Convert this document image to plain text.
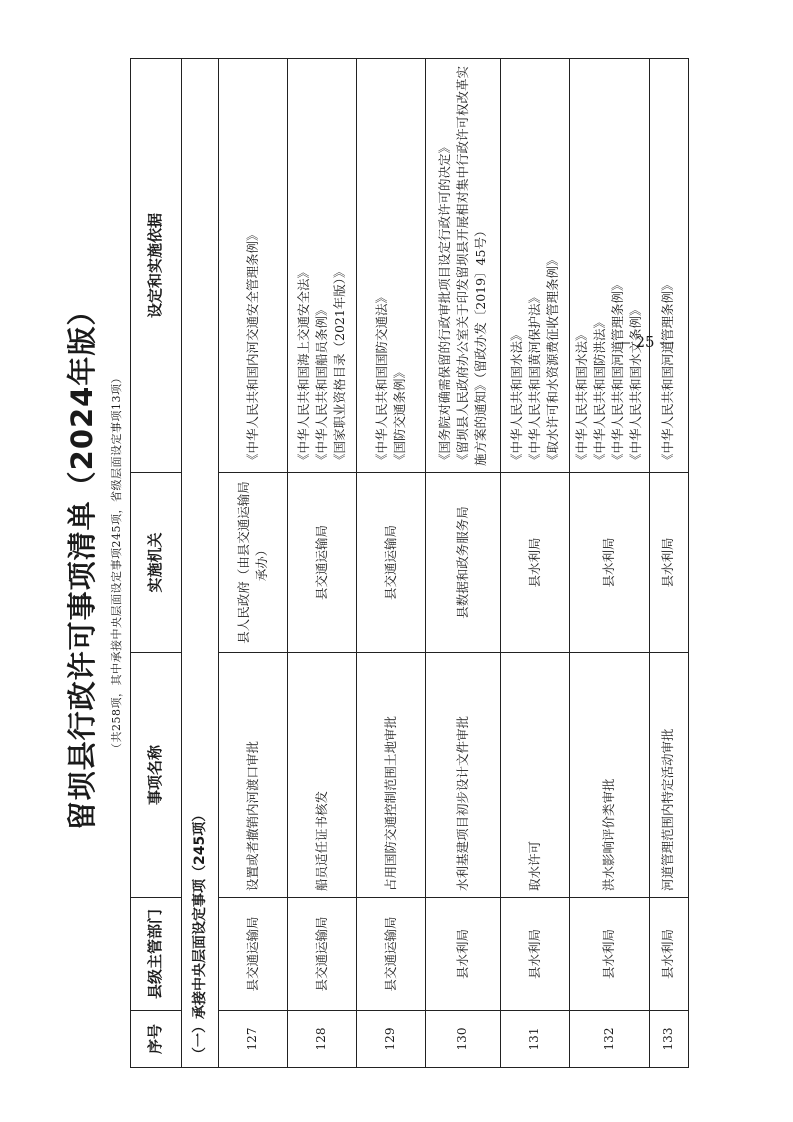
留坝县行政许可事项清单（2024年版） （共258项，其中承接中央层面设定事项245项，省级层面设定事项13项）
序号	县级主管部门	事项名称	实施机关	设定和实施依据
（一）承接中央层面设定事项（245项）				
127	县交通运输局	设置或者撤销内河渡口审批	县人民政府（由县交通运输局承办）	《中华人民共和国内河交通安全管理条例》

128	县交通运输局	船员适任证书核发	县交通运输局	《中华人民共和国海上交通安全法》 《中华人民共和国船员条例》 《国家职业资格目录（2021年版）》

129	县交通运输局	占用国防交通控制范围土地审批	县交通运输局	《中华人民共和国国防交通法》 《国防交通条例》

130	县水利局	水利基建项目初步设计文件审批	县数据和政务服务局	《国务院对确需保留的行政审批项目设定行政许可的决定》 《留坝县人民政府办公室关于印发留坝县开展相对集中行政许可权改革实施方案的通知》（留政办发〔2019〕45号）

131	县水利局	取水许可	县水利局	《中华人民共和国水法》 《中华人民共和国黄河保护法》 《取水许可和水资源费征收管理条例》

132	县水利局	洪水影响评价类审批	县水利局	《中华人民共和国水法》 《中华人民共和国防洪法》 《中华人民共和国河道管理条例》 《中华人民共和国水文条例》

133	县水利局	河道管理范围内特定活动审批	县水利局	《中华人民共和国河道管理条例》
— 25 —
